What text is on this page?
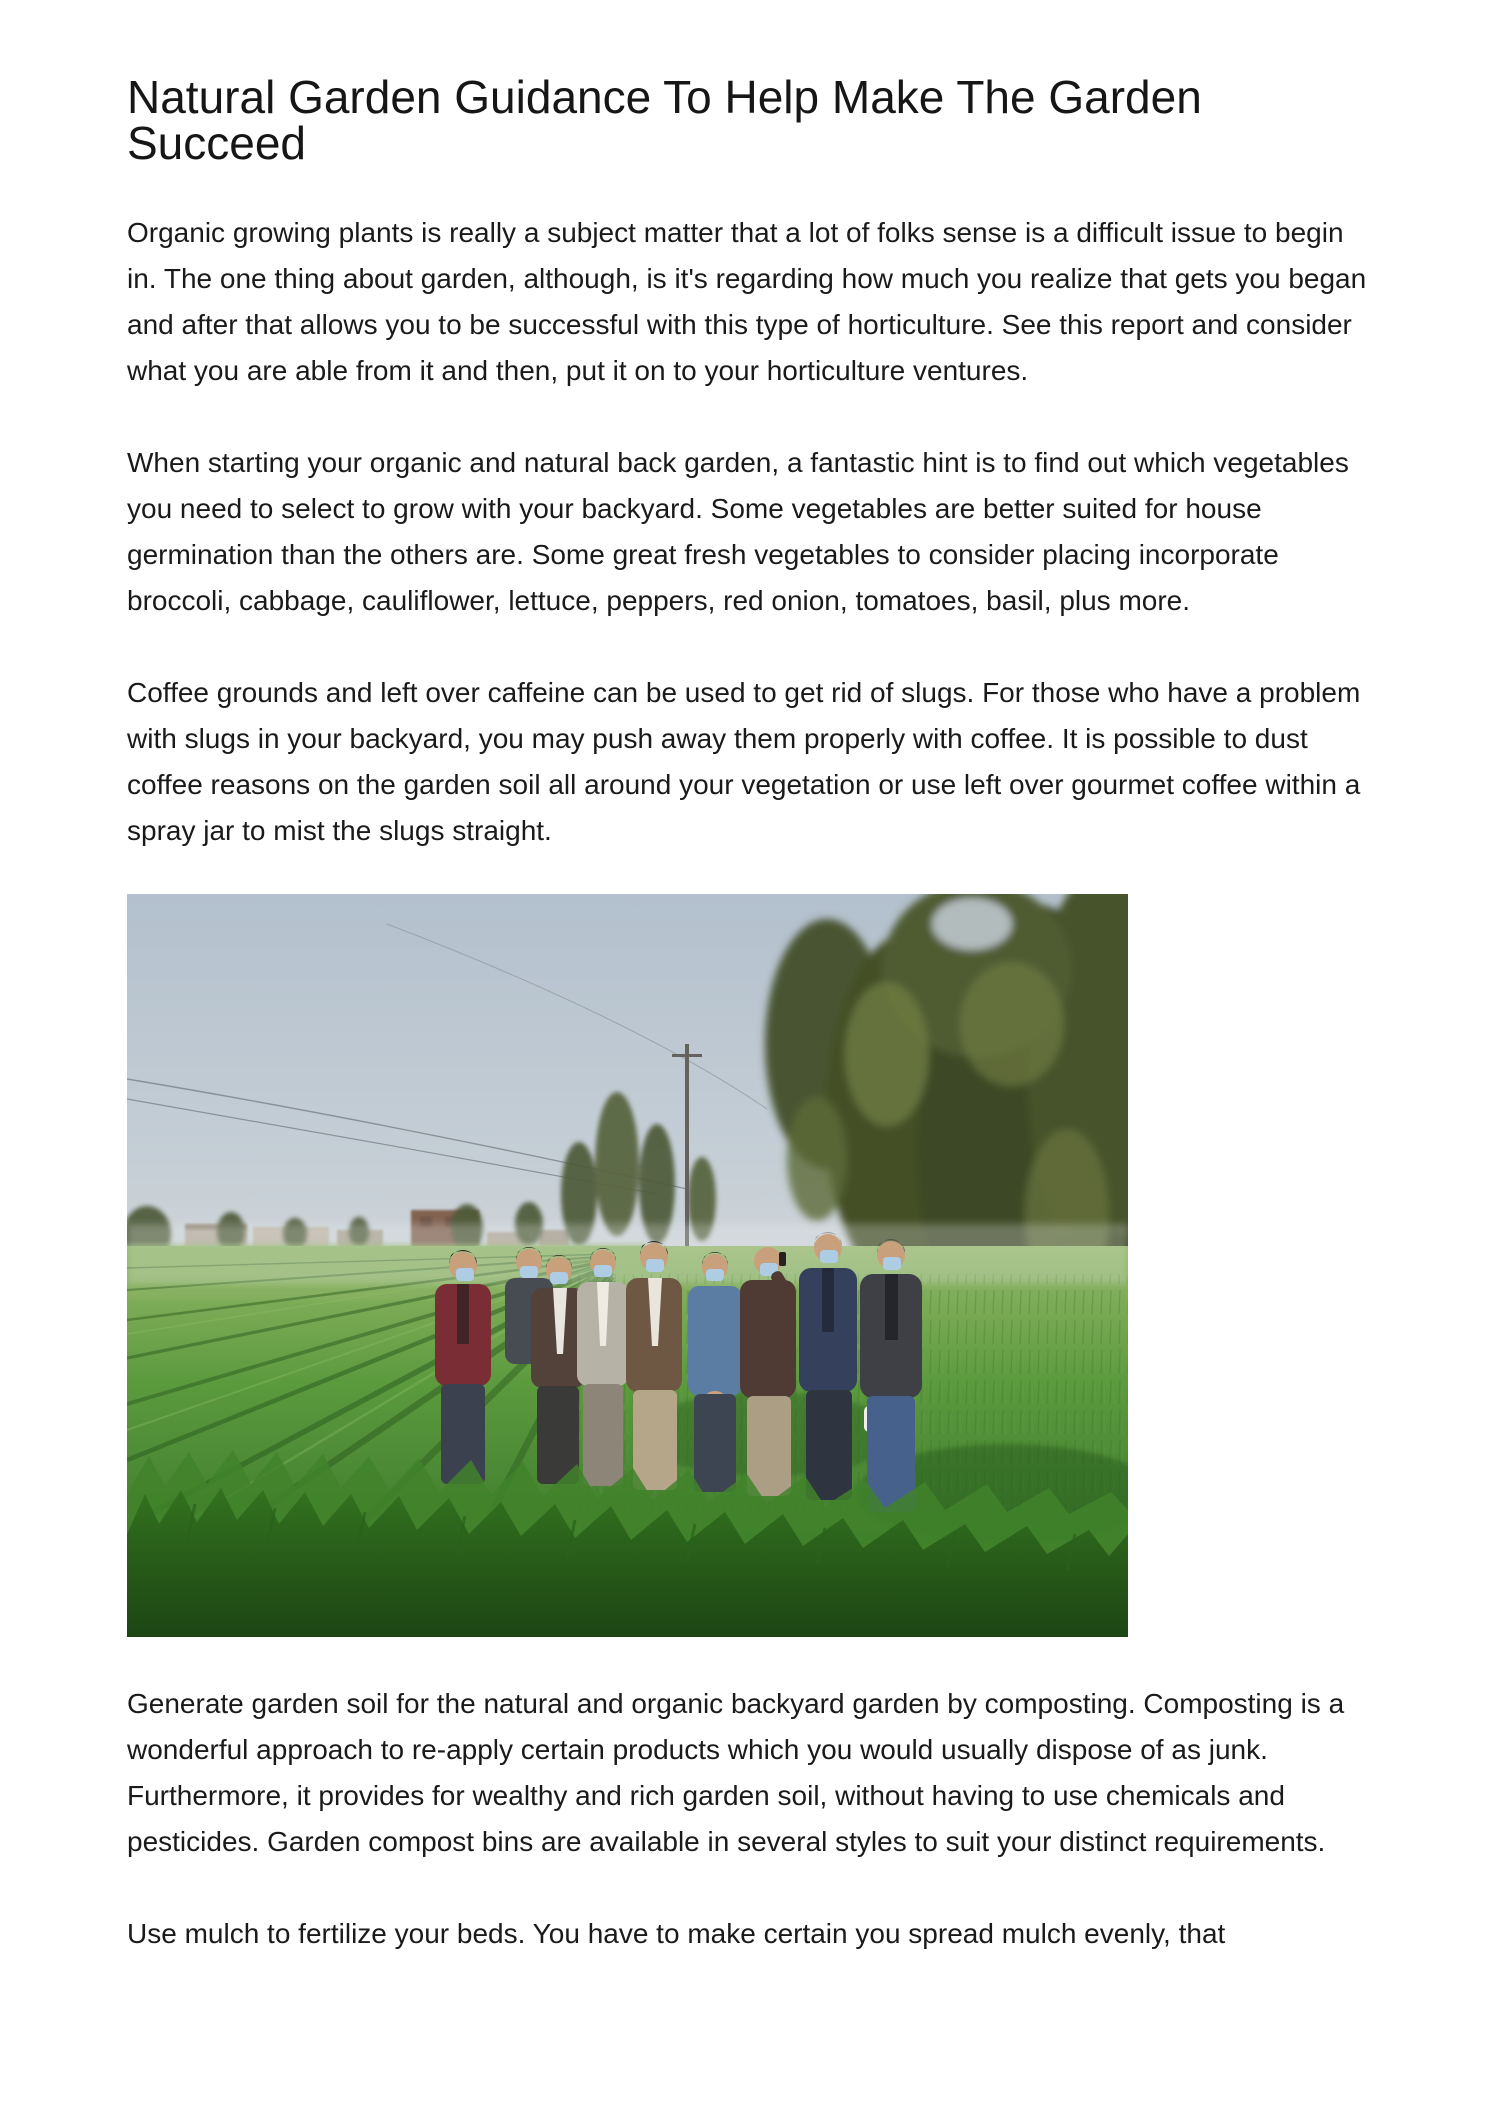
Natural Garden Guidance To Help Make The Garden Succeed

Organic growing plants is really a subject matter that a lot of folks sense is a difficult issue to begin in. The one thing about garden, although, is it's regarding how much you realize that gets you began and after that allows you to be successful with this type of horticulture. See this report and consider what you are able from it and then, put it on to your horticulture ventures.

When starting your organic and natural back garden, a fantastic hint is to find out which vegetables you need to select to grow with your backyard. Some vegetables are better suited for house germination than the others are. Some great fresh vegetables to consider placing incorporate broccoli, cabbage, cauliflower, lettuce, peppers, red onion, tomatoes, basil, plus more.

Coffee grounds and left over caffeine can be used to get rid of slugs. For those who have a problem with slugs in your backyard, you may push away them properly with coffee. It is possible to dust coffee reasons on the garden soil all around your vegetation or use left over gourmet coffee within a spray jar to mist the slugs straight.

Generate garden soil for the natural and organic backyard garden by composting. Composting is a wonderful approach to re-apply certain products which you would usually dispose of as junk. Furthermore, it provides for wealthy and rich garden soil, without having to use chemicals and pesticides. Garden compost bins are available in several styles to suit your distinct requirements.

Use mulch to fertilize your beds. You have to make certain you spread mulch evenly, that
